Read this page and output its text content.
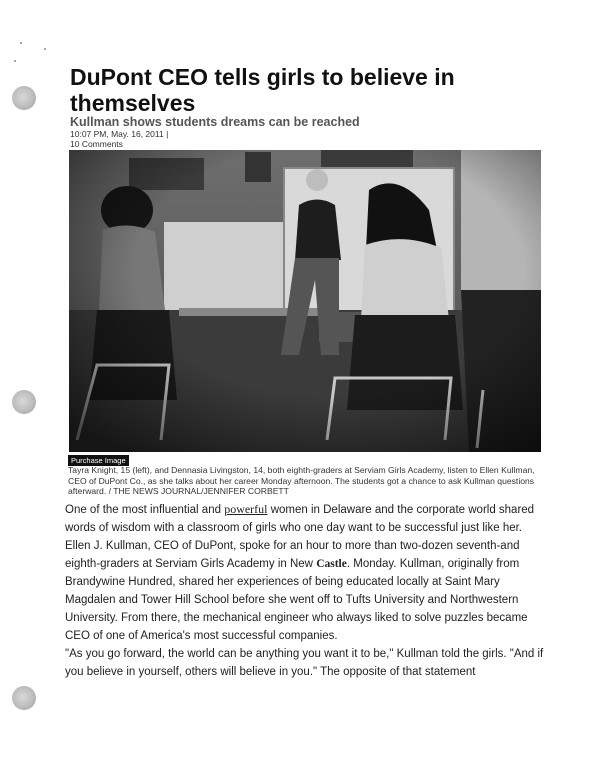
DuPont CEO tells girls to believe in themselves
Kullman shows students dreams can be reached
10:07 PM, May. 16, 2011 |
10 Comments
Purchase Image

Tayra Knight, 15 (left), and Dennasia Livingston, 14, both eighth-graders at Serviam Girls Academy, listen to Ellen Kullman, CEO of DuPont Co., as she talks about her career Monday afternoon. The students got a chance to ask Kullman questions afterward. / THE NEWS JOURNAL/JENNIFER CORBETT

One of the most influential and powerful women in Delaware and the corporate world shared words of wisdom with a classroom of girls who one day want to be successful just like her.

Ellen J. Kullman, CEO of DuPont, spoke for an hour to more than two-dozen seventh-and eighth-graders at Serviam Girls Academy in New Castle. Monday. Kullman, originally from Brandywine Hundred, shared her experiences of being educated locally at Saint Mary Magdalen and Tower Hill School before she went off to Tufts University and Northwestern University. From there, the mechanical engineer who always liked to solve puzzles became CEO of one of America's most successful companies.

"As you go forward, the world can be anything you want it to be," Kullman told the girls. "And if you believe in yourself, others will believe in you." The opposite of that statement
